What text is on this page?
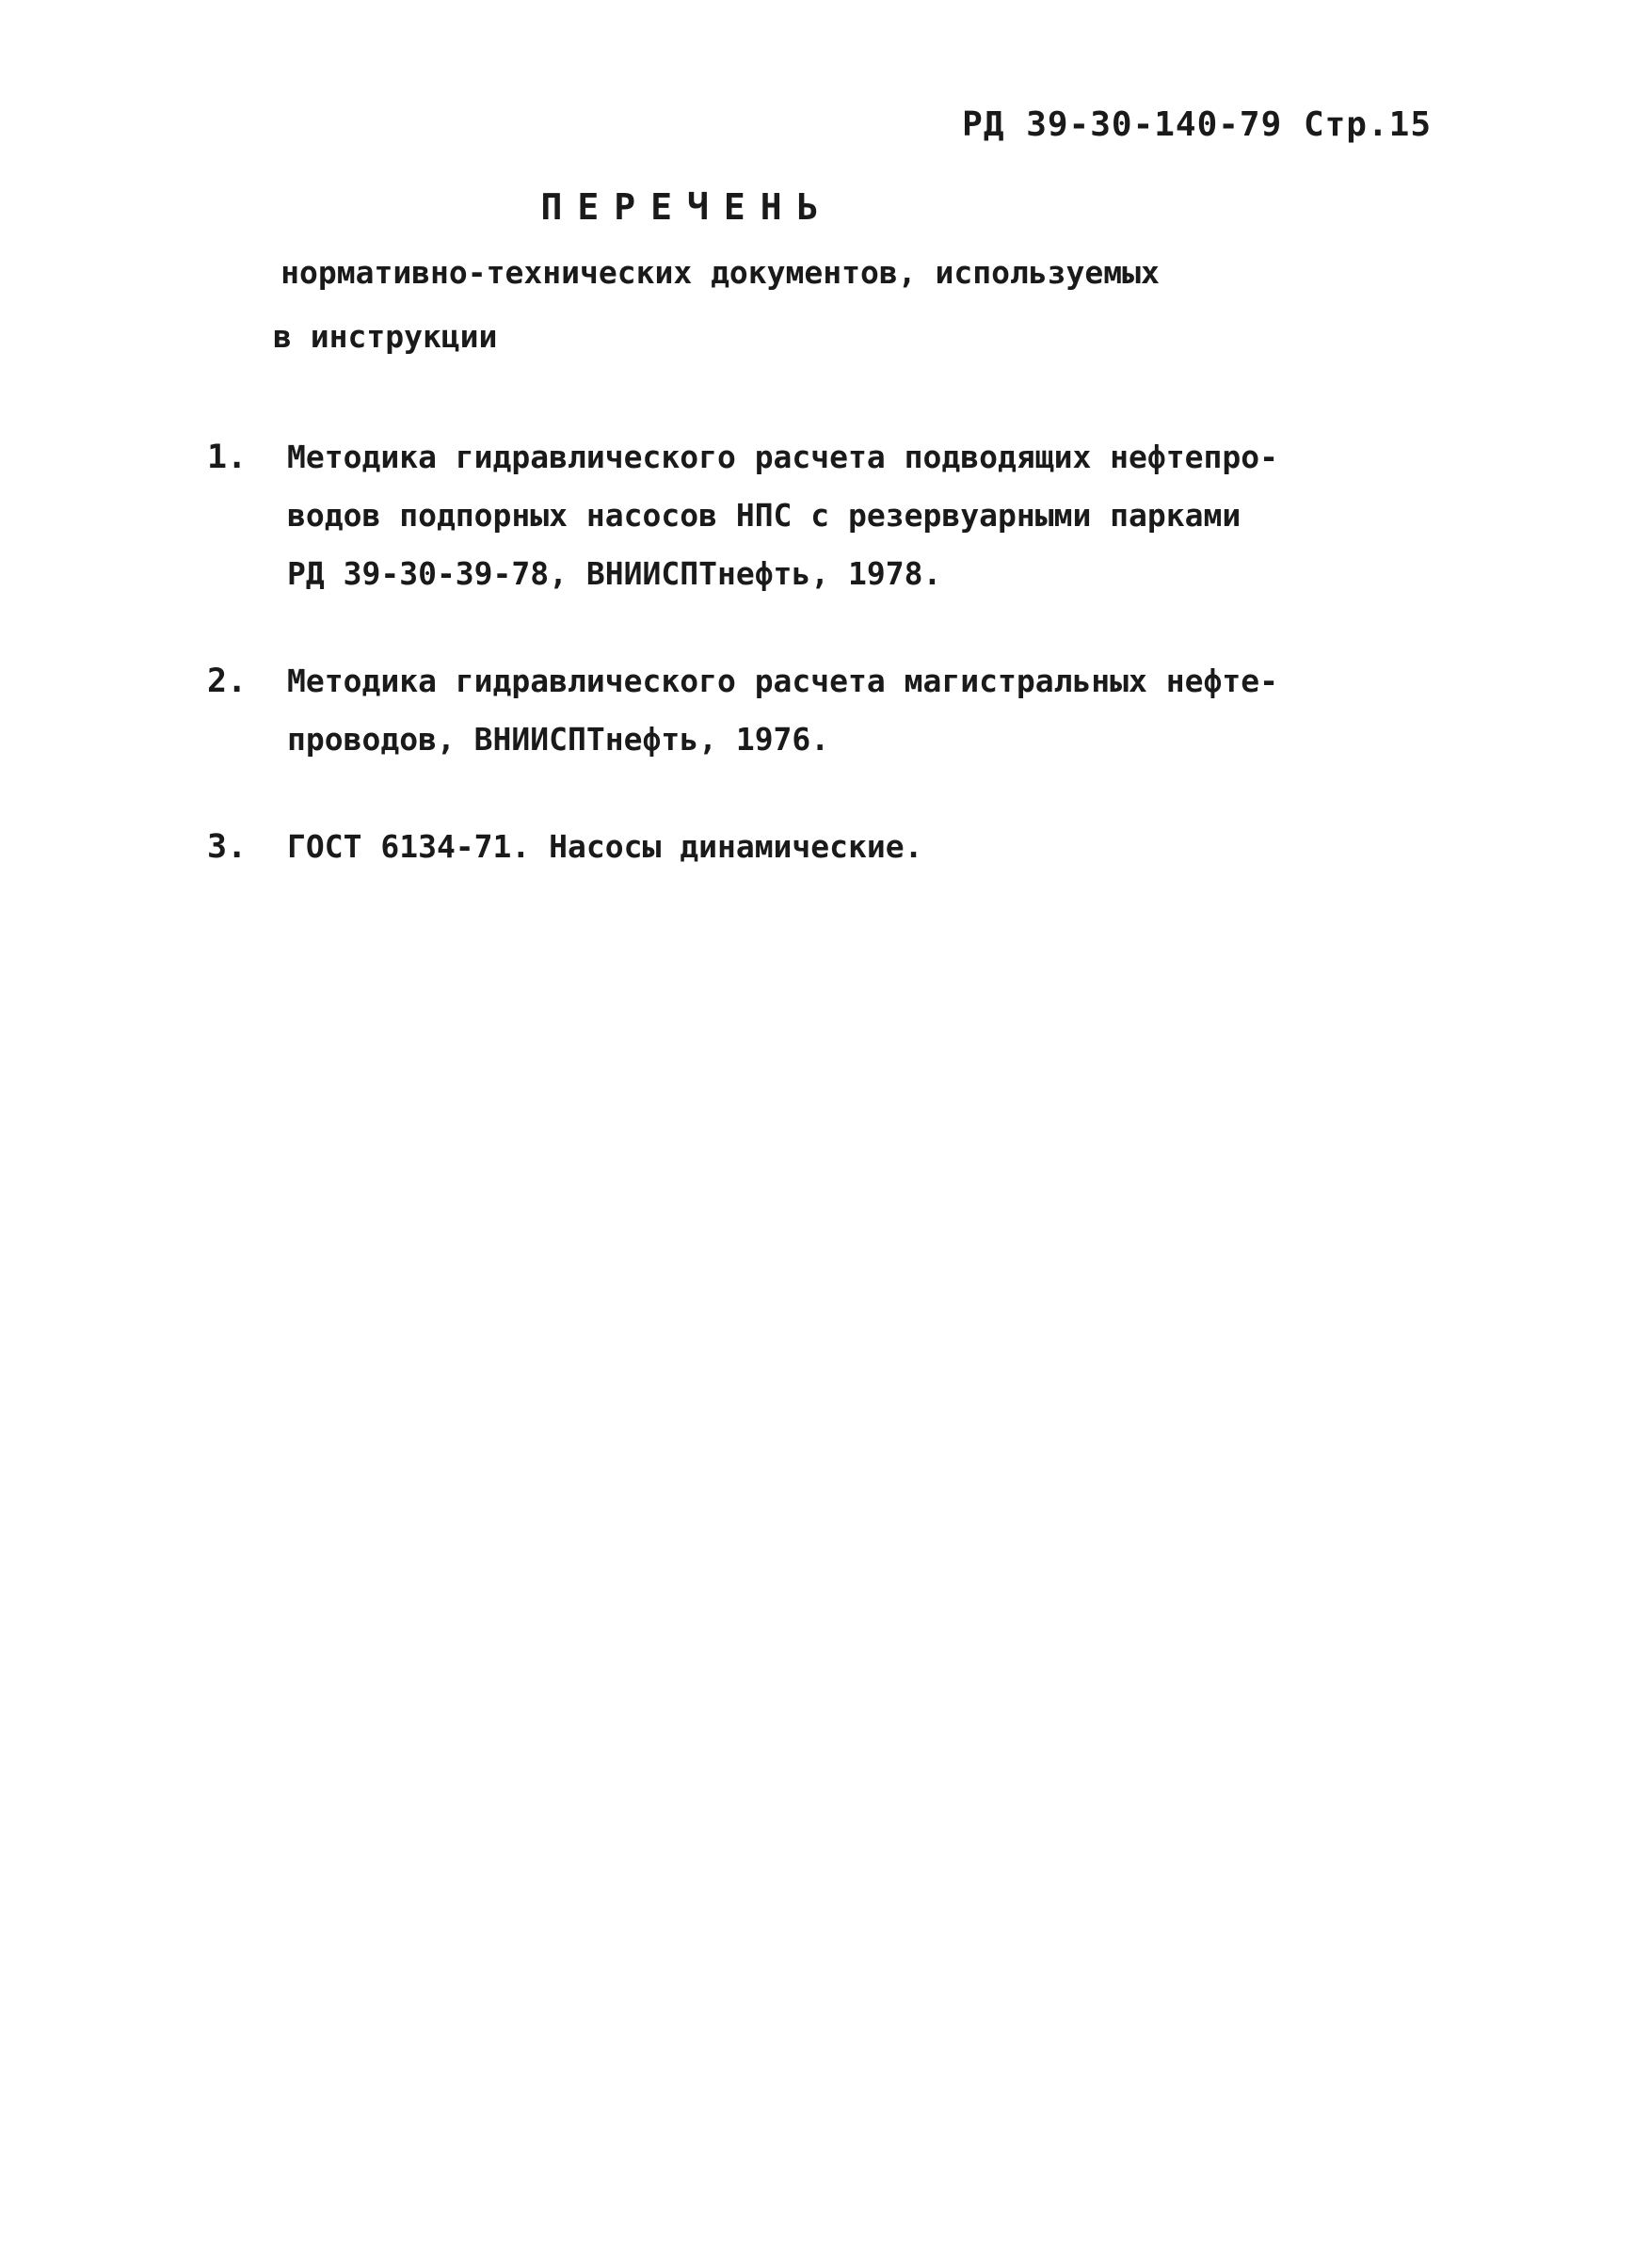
РД 39-30-140-79 Стр.15
ПЕРЕЧЕНЬ
нормативно-технических документов, используемых
в инструкции
1.	Методика гидравлического расчета подводящих нефтепро-
водов подпорных насосов НПС с резервуарными парками
РД 39-30-39-78, ВНИИСПТнефть, 1978.
2.	Методика гидравлического расчета магистральных нефте-
проводов, ВНИИСПТнефть, 1976.
3.	ГОСТ 6134-71. Насосы динамические.
